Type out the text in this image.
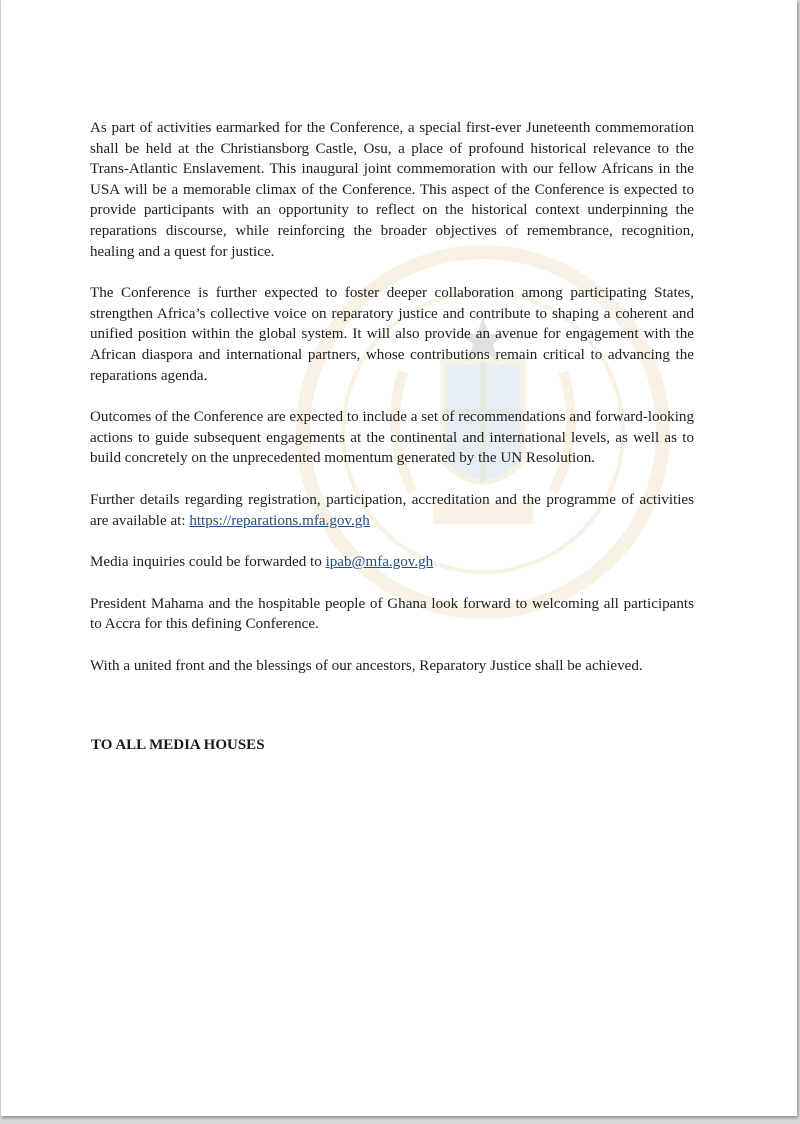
As part of activities earmarked for the Conference, a special first-ever Juneteenth commemoration shall be held at the Christiansborg Castle, Osu, a place of profound historical relevance to the Trans-Atlantic Enslavement. This inaugural joint commemoration with our fellow Africans in the USA will be a memorable climax of the Conference. This aspect of the Conference is expected to provide participants with an opportunity to reflect on the historical context underpinning the reparations discourse, while reinforcing the broader objectives of remembrance, recognition, healing and a quest for justice.

The Conference is further expected to foster deeper collaboration among participating States, strengthen Africa’s collective voice on reparatory justice and contribute to shaping a coherent and unified position within the global system. It will also provide an avenue for engagement with the African diaspora and international partners, whose contributions remain critical to advancing the reparations agenda.

Outcomes of the Conference are expected to include a set of recommendations and forward-looking actions to guide subsequent engagements at the continental and international levels, as well as to build concretely on the unprecedented momentum generated by the UN Resolution.

Further details regarding registration, participation, accreditation and the programme of activities are available at: https://reparations.mfa.gov.gh

Media inquiries could be forwarded to ipab@mfa.gov.gh

President Mahama and the hospitable people of Ghana look forward to welcoming all participants to Accra for this defining Conference.

With a united front and the blessings of our ancestors, Reparatory Justice shall be achieved.

TO ALL MEDIA HOUSES
